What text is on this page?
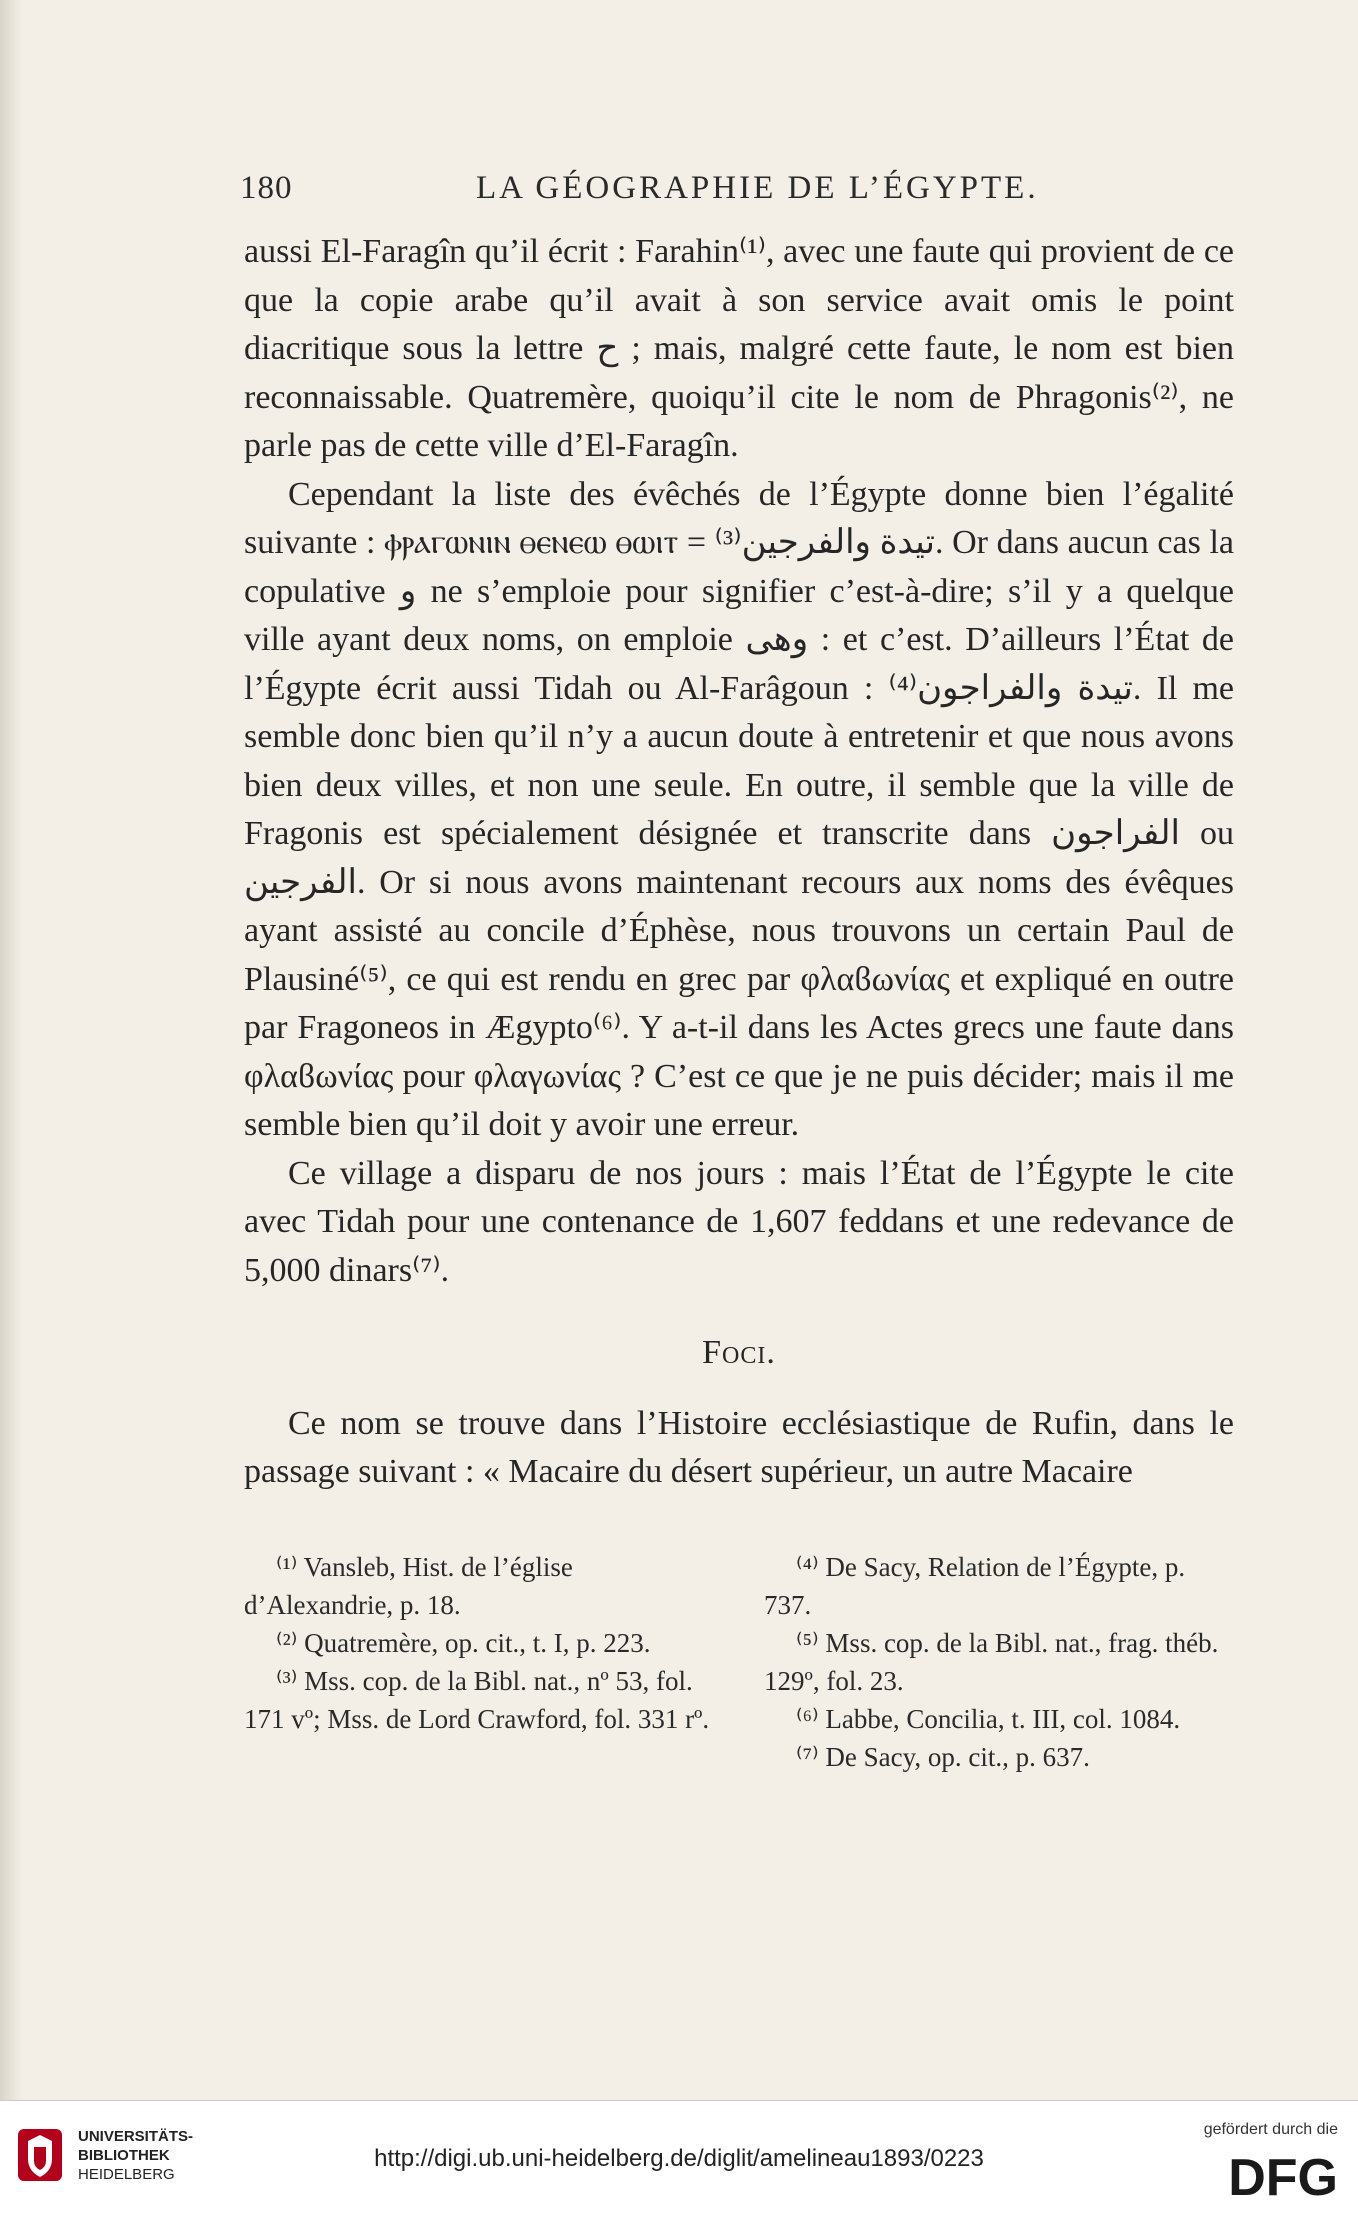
180	LA GÉOGRAPHIE DE L’ÉGYPTE.

aussi El-Faragîn qu’il écrit : Farahin⁽¹⁾, avec une faute qui provient de ce que la copie arabe qu’il avait à son service avait omis le point diacritique sous la lettre ح ; mais, malgré cette faute, le nom est bien reconnaissable. Quatremère, quoiqu’il cite le nom de Phragonis⁽²⁾, ne parle pas de cette ville d’El-Faragîn.

Cependant la liste des évêchés de l’Égypte donne bien l’égalité suivante : ⲫⲣⲁⲅⲱⲛⲓⲛ ⲑⲉⲛⲉⲱ ⲑⲱⲓⲧ = تيدة والفرجين⁽³⁾. Or dans aucun cas la copulative و ne s’emploie pour signifier c’est-à-dire; s’il y a quelque ville ayant deux noms, on emploie وهى : et c’est. D’ailleurs l’État de l’Égypte écrit aussi Tidah ou Al-Farâgoun : تيدة والفراجون⁽⁴⁾. Il me semble donc bien qu’il n’y a aucun doute à entretenir et que nous avons bien deux villes, et non une seule. En outre, il semble que la ville de Fragonis est spécialement désignée et transcrite dans الفراجون ou الفرجين. Or si nous avons maintenant recours aux noms des évêques ayant assisté au concile d’Éphèse, nous trouvons un certain Paul de Plausiné⁽⁵⁾, ce qui est rendu en grec par φλαϐωνίας et expliqué en outre par Fragoneos in Ægypto⁽⁶⁾. Y a-t-il dans les Actes grecs une faute dans φλαϐωνίας pour φλαγωνίας ? C’est ce que je ne puis décider; mais il me semble bien qu’il doit y avoir une erreur.

Ce village a disparu de nos jours : mais l’État de l’Égypte le cite avec Tidah pour une contenance de 1,607 feddans et une redevance de 5,000 dinars⁽⁷⁾.

Foci.

Ce nom se trouve dans l’Histoire ecclésiastique de Rufin, dans le passage suivant : « Macaire du désert supérieur, un autre Macaire

⁽¹⁾ Vansleb, Hist. de l’église d’Alexandrie, p. 18.

⁽²⁾ Quatremère, op. cit., t. I, p. 223.

⁽³⁾ Mss. cop. de la Bibl. nat., nº 53, fol. 171 vº; Mss. de Lord Crawford, fol. 331 rº.

⁽⁴⁾ De Sacy, Relation de l’Égypte, p. 737.

⁽⁵⁾ Mss. cop. de la Bibl. nat., frag. théb. 129º, fol. 23.

⁽⁶⁾ Labbe, Concilia, t. III, col. 1084.

⁽⁷⁾ De Sacy, op. cit., p. 637.

UNIVERSITÄTS-
BIBLIOTHEK
HEIDELBERG
http://digi.ub.uni-heidelberg.de/diglit/amelineau1893/0223
gefördert durch die
DFG
